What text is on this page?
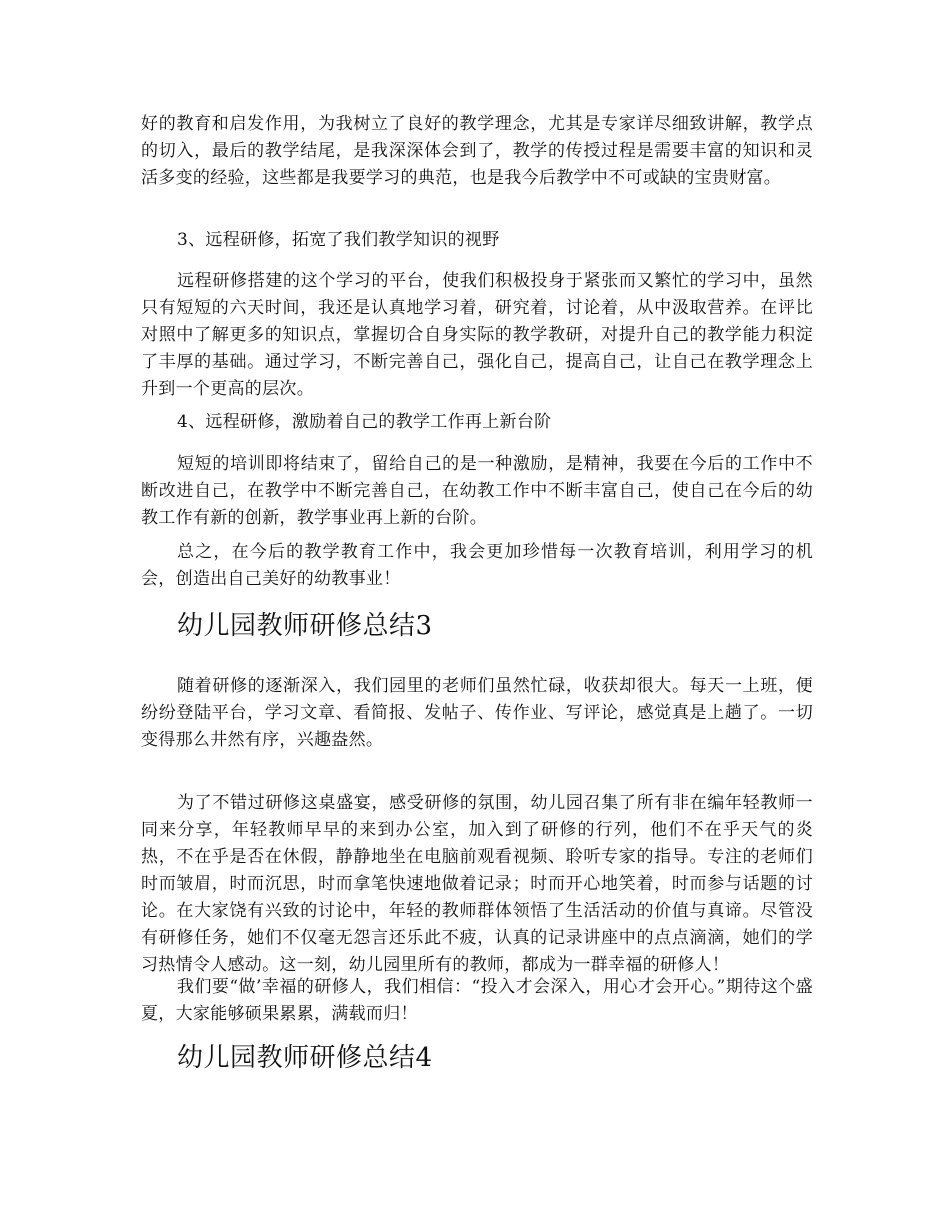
好的教育和启发作用，为我树立了良好的教学理念，尤其是专家详尽细致讲解，教学点的切入，最后的教学结尾，是我深深体会到了，教学的传授过程是需要丰富的知识和灵活多变的经验，这些都是我要学习的典范，也是我今后教学中不可或缺的宝贵财富。

3、远程研修，拓宽了我们教学知识的视野

远程研修搭建的这个学习的平台，使我们积极投身于紧张而又繁忙的学习中，虽然只有短短的六天时间，我还是认真地学习着，研究着，讨论着，从中汲取营养。在评比对照中了解更多的知识点，掌握切合自身实际的教学教研，对提升自己的教学能力积淀了丰厚的基础。通过学习，不断完善自己，强化自己，提高自己，让自己在教学理念上升到一个更高的层次。

4、远程研修，激励着自己的教学工作再上新台阶

短短的培训即将结束了，留给自己的是一种激励，是精神，我要在今后的工作中不断改进自己，在教学中不断完善自己，在幼教工作中不断丰富自己，使自己在今后的幼教工作有新的创新，教学事业再上新的台阶。

总之，在今后的教学教育工作中，我会更加珍惜每一次教育培训，利用学习的机会，创造出自己美好的幼教事业！

幼儿园教师研修总结3

随着研修的逐渐深入，我们园里的老师们虽然忙碌，收获却很大。每天一上班，便纷纷登陆平台，学习文章、看简报、发帖子、传作业、写评论，感觉真是上趟了。一切变得那么井然有序，兴趣盎然。

为了不错过研修这桌盛宴，感受研修的氛围，幼儿园召集了所有非在编年轻教师一同来分享，年轻教师早早的来到办公室，加入到了研修的行列，他们不在乎天气的炎热，不在乎是否在休假，静静地坐在电脑前观看视频、聆听专家的指导。专注的老师们时而皱眉，时而沉思，时而拿笔快速地做着记录；时而开心地笑着，时而参与话题的讨论。在大家饶有兴致的讨论中，年轻的教师群体领悟了生活活动的价值与真谛。尽管没有研修任务，她们不仅毫无怨言还乐此不疲，认真的记录讲座中的点点滴滴，她们的学习热情令人感动。这一刻，幼儿园里所有的教师，都成为一群幸福的研修人！

我们要“做’幸福的研修人，我们相信：“投入才会深入，用心才会开心。”期待这个盛夏，大家能够硕果累累，满载而归！

幼儿园教师研修总结4
